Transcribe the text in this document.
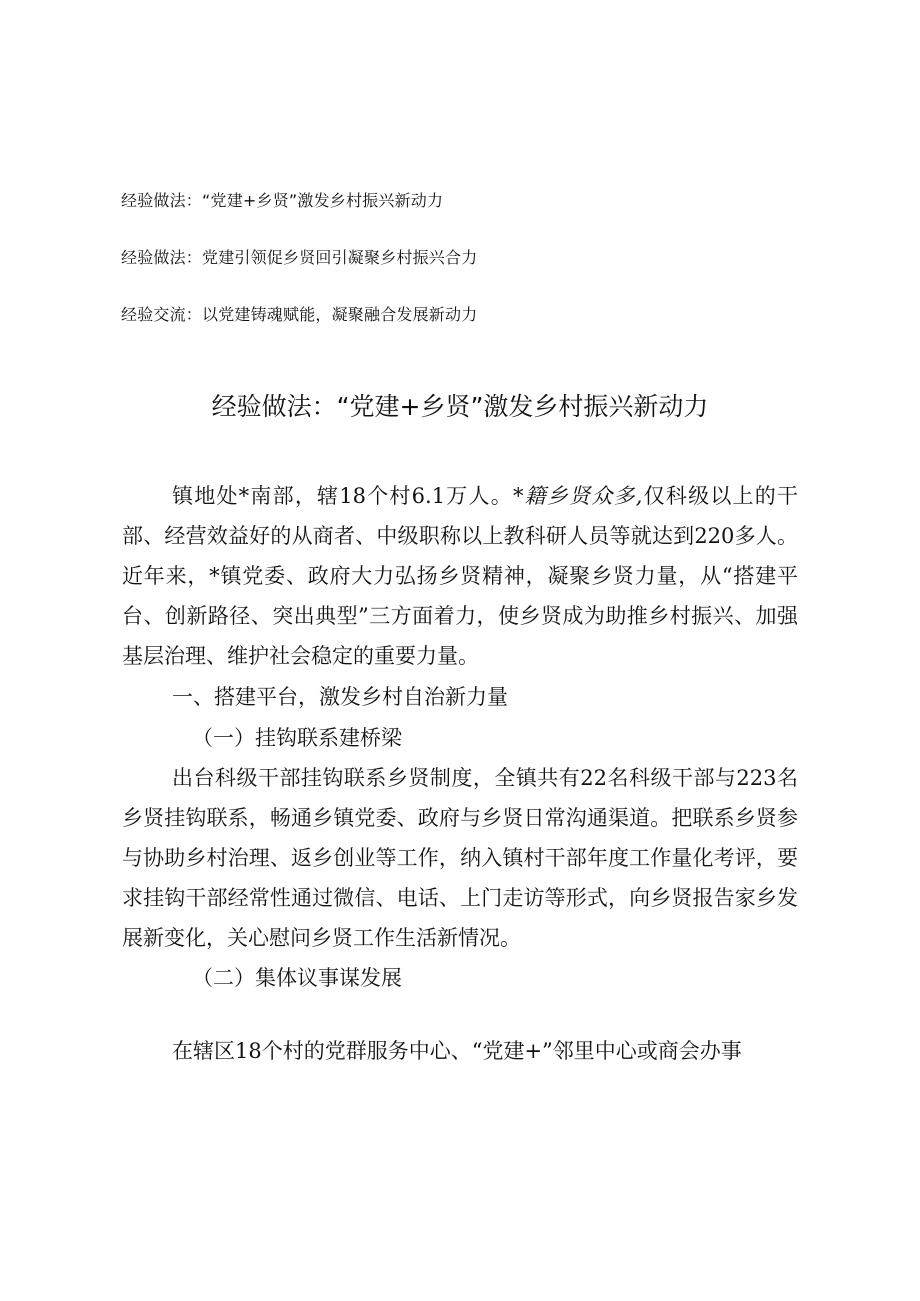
经验做法：“党建+乡贤”激发乡村振兴新动力
经验做法：党建引领促乡贤回引凝聚乡村振兴合力
经验交流：以党建铸魂赋能，凝聚融合发展新动力
经验做法：“党建+乡贤”激发乡村振兴新动力

镇地处*南部，辖18个村6.1万人。*籍乡贤众多,仅科级以上的干部、经营效益好的从商者、中级职称以上教科研人员等就达到220多人。近年来，*镇党委、政府大力弘扬乡贤精神，凝聚乡贤力量，从“搭建平台、创新路径、突出典型”三方面着力，使乡贤成为助推乡村振兴、加强基层治理、维护社会稳定的重要力量。

一、搭建平台，激发乡村自治新力量

（一）挂钩联系建桥梁

出台科级干部挂钩联系乡贤制度，全镇共有22名科级干部与223名乡贤挂钩联系，畅通乡镇党委、政府与乡贤日常沟通渠道。把联系乡贤参与协助乡村治理、返乡创业等工作，纳入镇村干部年度工作量化考评，要求挂钩干部经常性通过微信、电话、上门走访等形式，向乡贤报告家乡发展新变化，关心慰问乡贤工作生活新情况。

（二）集体议事谋发展

在辖区18个村的党群服务中心、“党建+”邻里中心或商会办事
